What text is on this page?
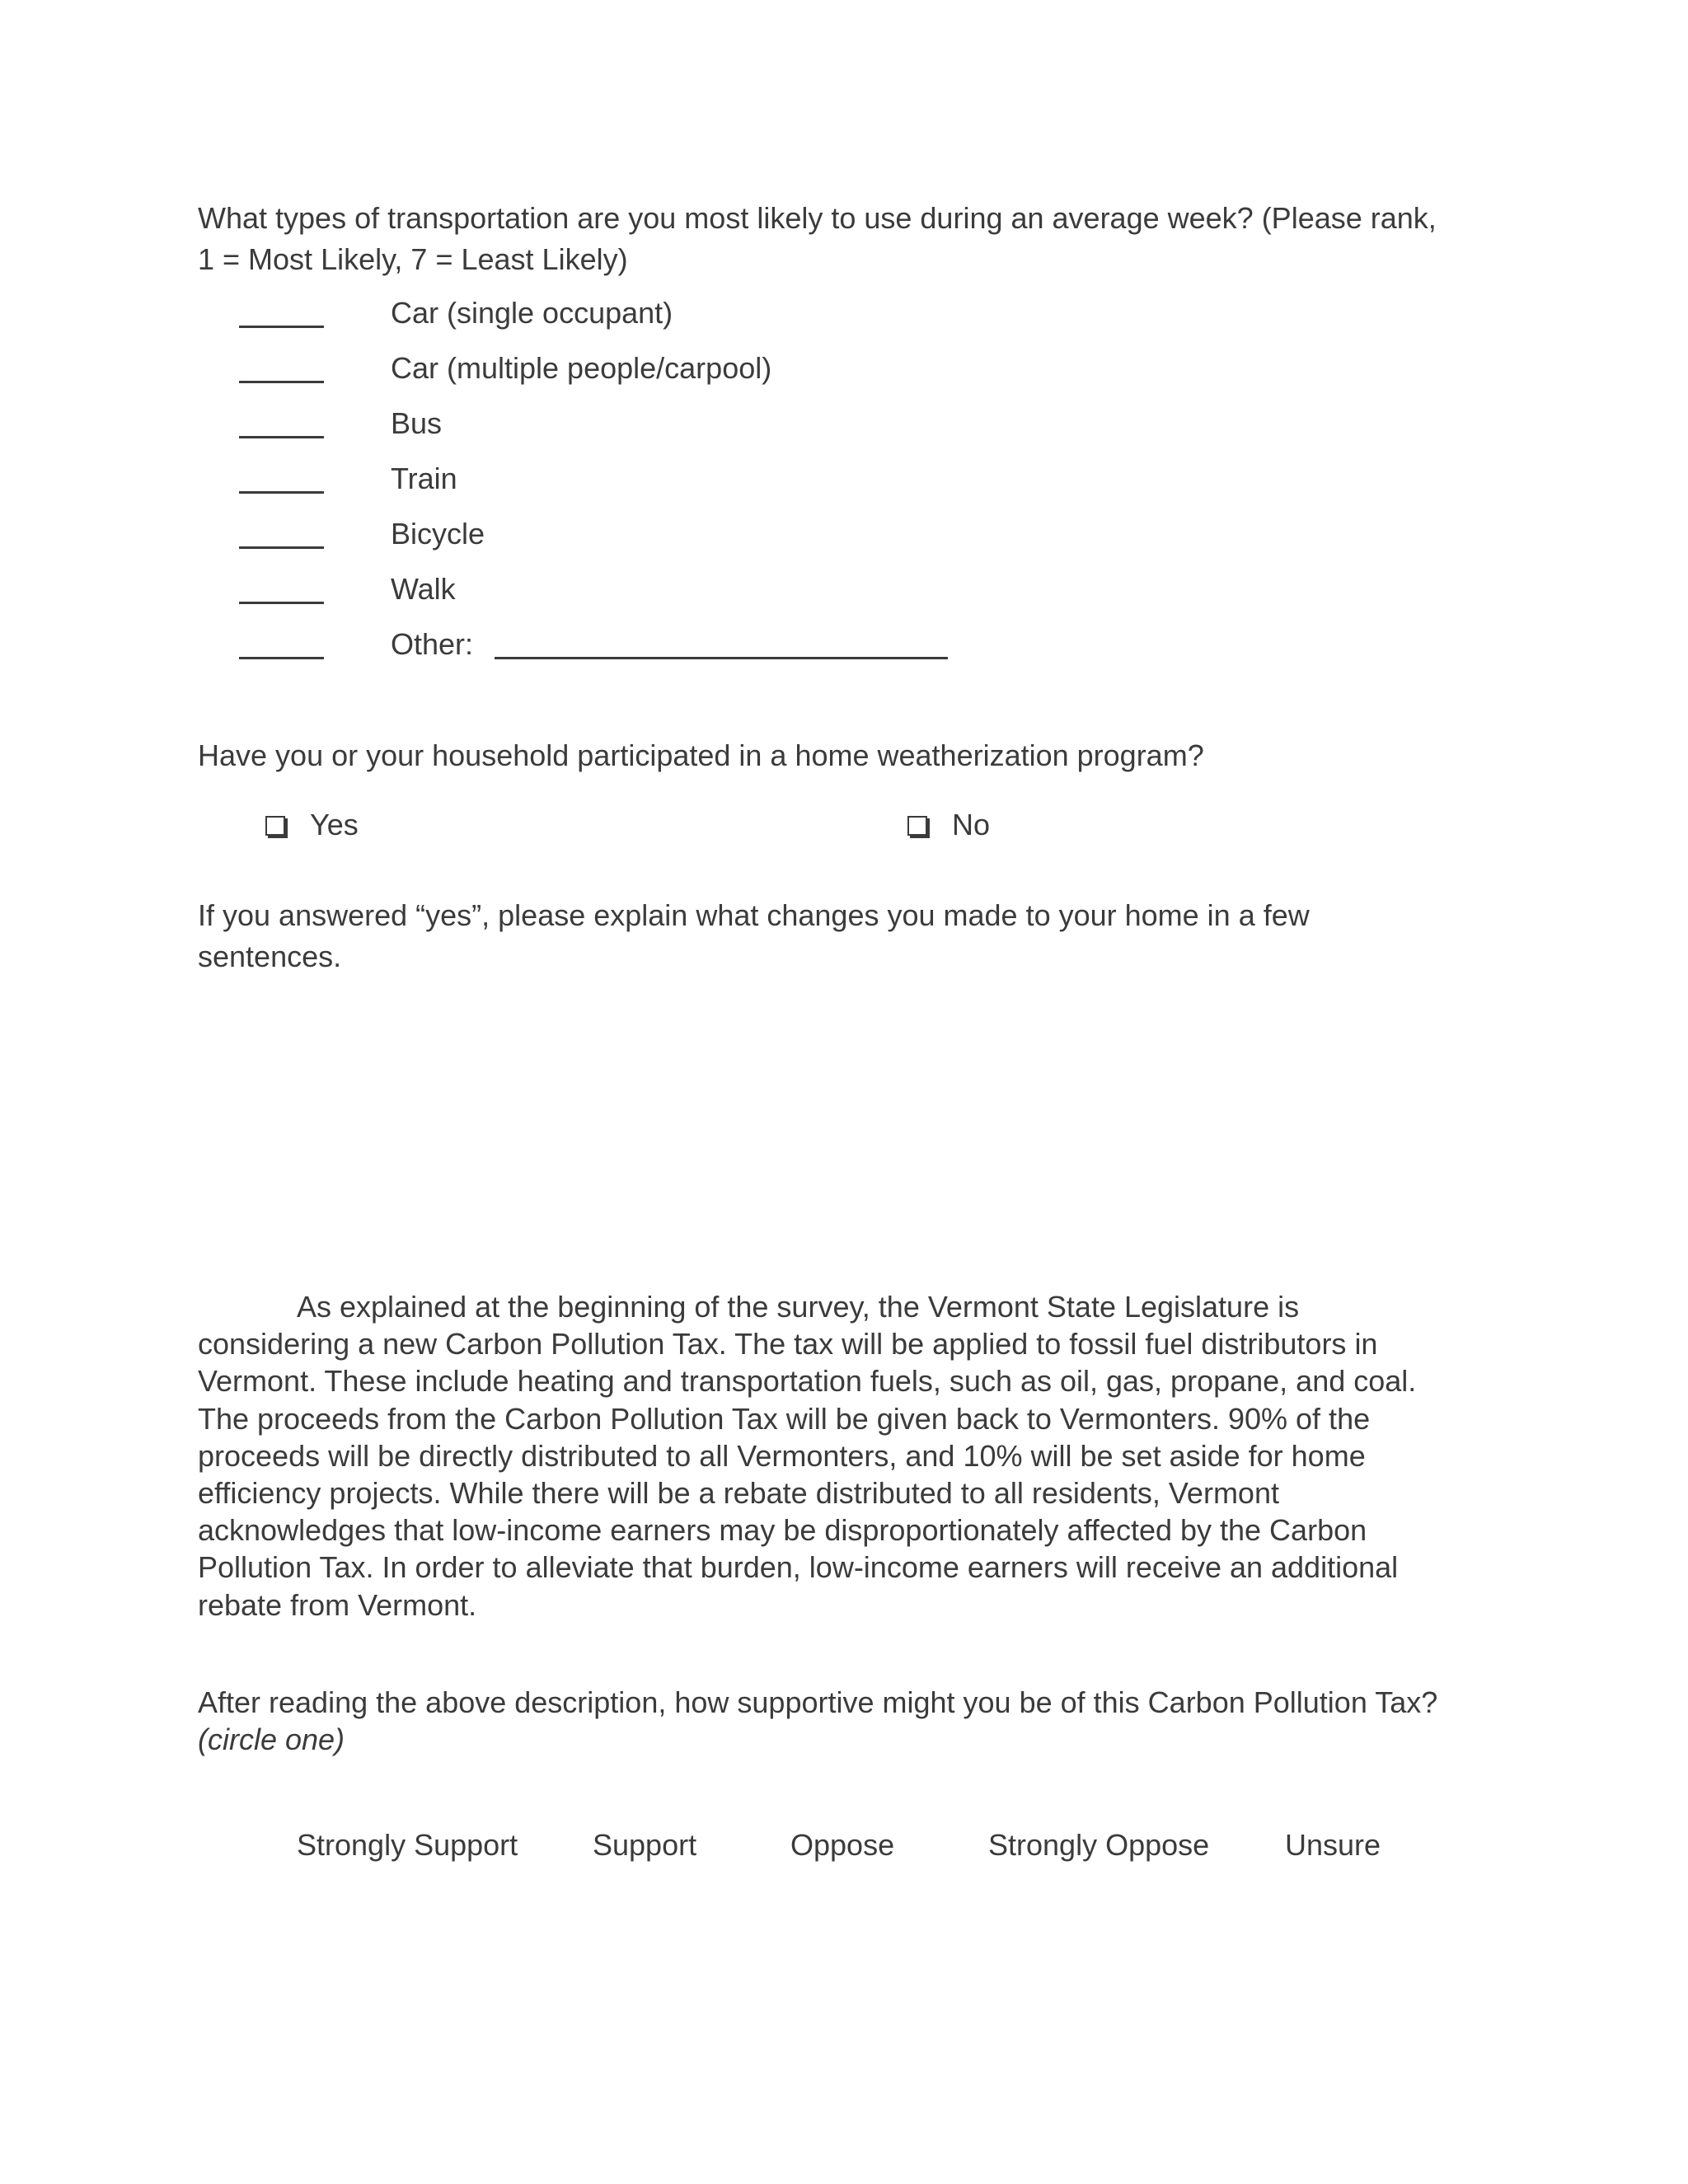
What types of transportation are you most likely to use during an average week? (Please rank,
1 = Most Likely, 7 = Least Likely)
Car (single occupant)
Car (multiple people/carpool)
Bus
Train
Bicycle
Walk
Other:
Have you or your household participated in a home weatherization program?
Yes	No
If you answered “yes”, please explain what changes you made to your home in a few
sentences.
As explained at the beginning of the survey, the Vermont State Legislature is
considering a new Carbon Pollution Tax. The tax will be applied to fossil fuel distributors in
Vermont. These include heating and transportation fuels, such as oil, gas, propane, and coal.
The proceeds from the Carbon Pollution Tax will be given back to Vermonters. 90% of the
proceeds will be directly distributed to all Vermonters, and 10% will be set aside for home
efficiency projects. While there will be a rebate distributed to all residents, Vermont
acknowledges that low-income earners may be disproportionately affected by the Carbon
Pollution Tax. In order to alleviate that burden, low-income earners will receive an additional
rebate from Vermont.
After reading the above description, how supportive might you be of this Carbon Pollution Tax?
(circle one)
Strongly Support	Support	Oppose	Strongly Oppose	Unsure
